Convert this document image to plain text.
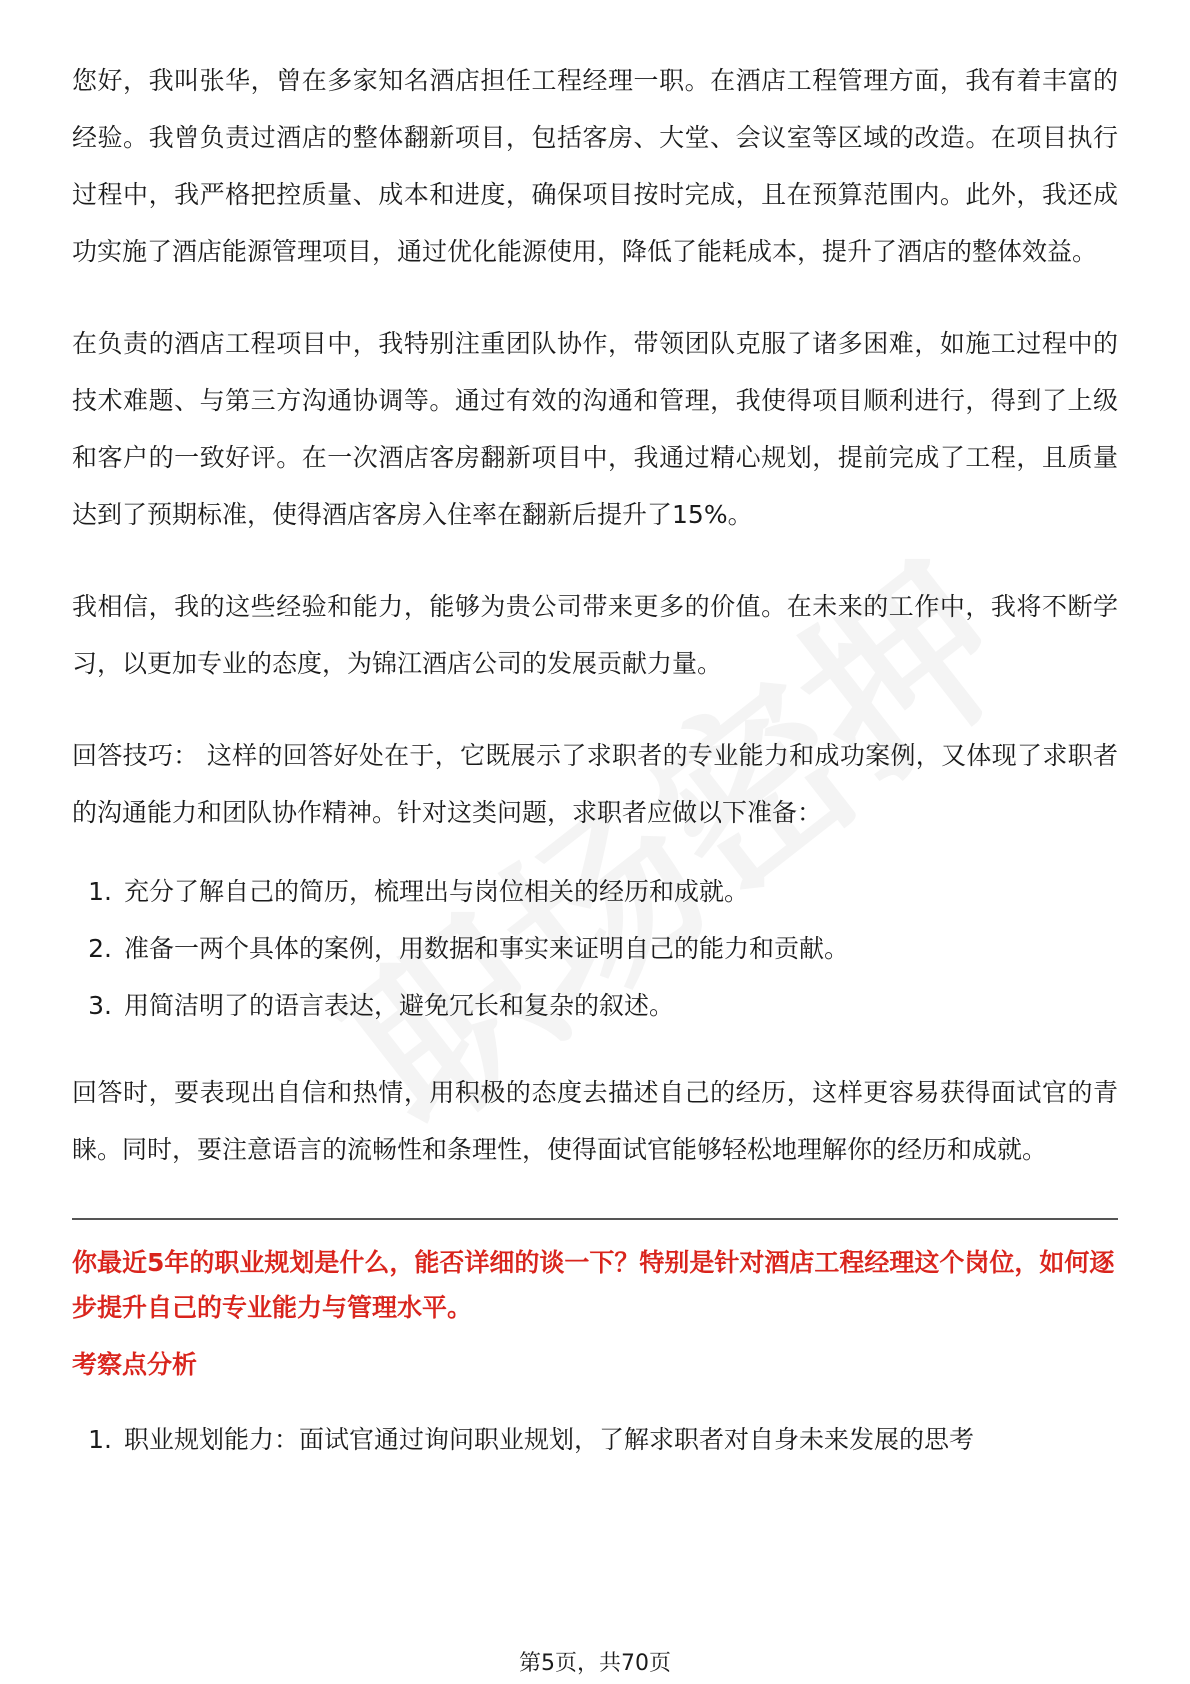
您好，我叫张华，曾在多家知名酒店担任工程经理一职。在酒店工程管理方面，我有着丰富的经验。我曾负责过酒店的整体翻新项目，包括客房、大堂、会议室等区域的改造。在项目执行过程中，我严格把控质量、成本和进度，确保项目按时完成，且在预算范围内。此外，我还成功实施了酒店能源管理项目，通过优化能源使用，降低了能耗成本，提升了酒店的整体效益。

在负责的酒店工程项目中，我特别注重团队协作，带领团队克服了诸多困难，如施工过程中的技术难题、与第三方沟通协调等。通过有效的沟通和管理，我使得项目顺利进行，得到了上级和客户的一致好评。在一次酒店客房翻新项目中，我通过精心规划，提前完成了工程，且质量达到了预期标准，使得酒店客房入住率在翻新后提升了15%。

我相信，我的这些经验和能力，能够为贵公司带来更多的价值。在未来的工作中，我将不断学习，以更加专业的态度，为锦江酒店公司的发展贡献力量。

回答技巧： 这样的回答好处在于，它既展示了求职者的专业能力和成功案例，又体现了求职者的沟通能力和团队协作精神。针对这类问题，求职者应做以下准备：

1. 充分了解自己的简历，梳理出与岗位相关的经历和成就。
2. 准备一两个具体的案例，用数据和事实来证明自己的能力和贡献。
3. 用简洁明了的语言表达，避免冗长和复杂的叙述。

回答时，要表现出自信和热情，用积极的态度去描述自己的经历，这样更容易获得面试官的青睐。同时，要注意语言的流畅性和条理性，使得面试官能够轻松地理解你的经历和成就。

你最近5年的职业规划是什么，能否详细的谈一下？特别是针对酒店工程经理这个岗位，如何逐步提升自己的专业能力与管理水平。

考察点分析

1. 职业规划能力：面试官通过询问职业规划，了解求职者对自身未来发展的思考
第5页，共70页
